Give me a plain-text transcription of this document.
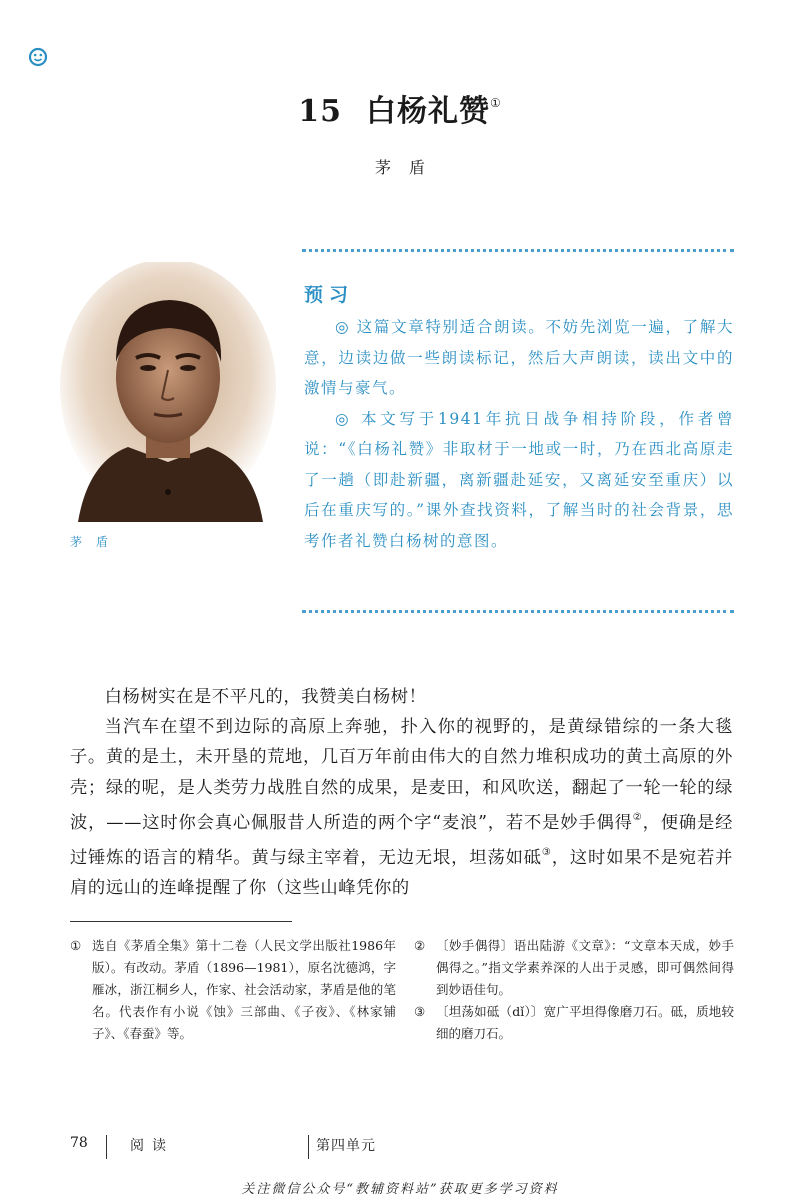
15 白杨礼赞①
茅盾
茅盾
预习

◎ 这篇文章特别适合朗读。不妨先浏览一遍，了解大意，边读边做一些朗读标记，然后大声朗读，读出文中的激情与豪气。

◎ 本文写于1941年抗日战争相持阶段，作者曾说：“《白杨礼赞》非取材于一地或一时，乃在西北高原走了一趟（即赴新疆，离新疆赴延安，又离延安至重庆）以后在重庆写的。”课外查找资料，了解当时的社会背景，思考作者礼赞白杨树的意图。

白杨树实在是不平凡的，我赞美白杨树！

当汽车在望不到边际的高原上奔驰，扑入你的视野的，是黄绿错综的一条大毯子。黄的是土，未开垦的荒地，几百万年前由伟大的自然力堆积成功的黄土高原的外壳；绿的呢，是人类劳力战胜自然的成果，是麦田，和风吹送，翻起了一轮一轮的绿波，——这时你会真心佩服昔人所造的两个字“麦浪”，若不是妙手偶得②，便确是经过锤炼的语言的精华。黄与绿主宰着，无边无垠，坦荡如砥③，这时如果不是宛若并肩的远山的连峰提醒了你（这些山峰凭你的

① 选自《茅盾全集》第十二卷（人民文学出版社1986年版）。有改动。茅盾（1896—1981），原名沈德鸿，字雁冰，浙江桐乡人，作家、社会活动家，茅盾是他的笔名。代表作有小说《蚀》三部曲、《子夜》、《林家铺子》、《春蚕》等。
② 〔妙手偶得〕语出陆游《文章》：“文章本天成，妙手偶得之。”指文学素养深的人出于灵感，即可偶然间得到妙语佳句。
③ 〔坦荡如砥（dǐ）〕宽广平坦得像磨刀石。砥，质地较细的磨刀石。
78	阅读	第四单元
关注微信公众号“教辅资料站”获取更多学习资料
